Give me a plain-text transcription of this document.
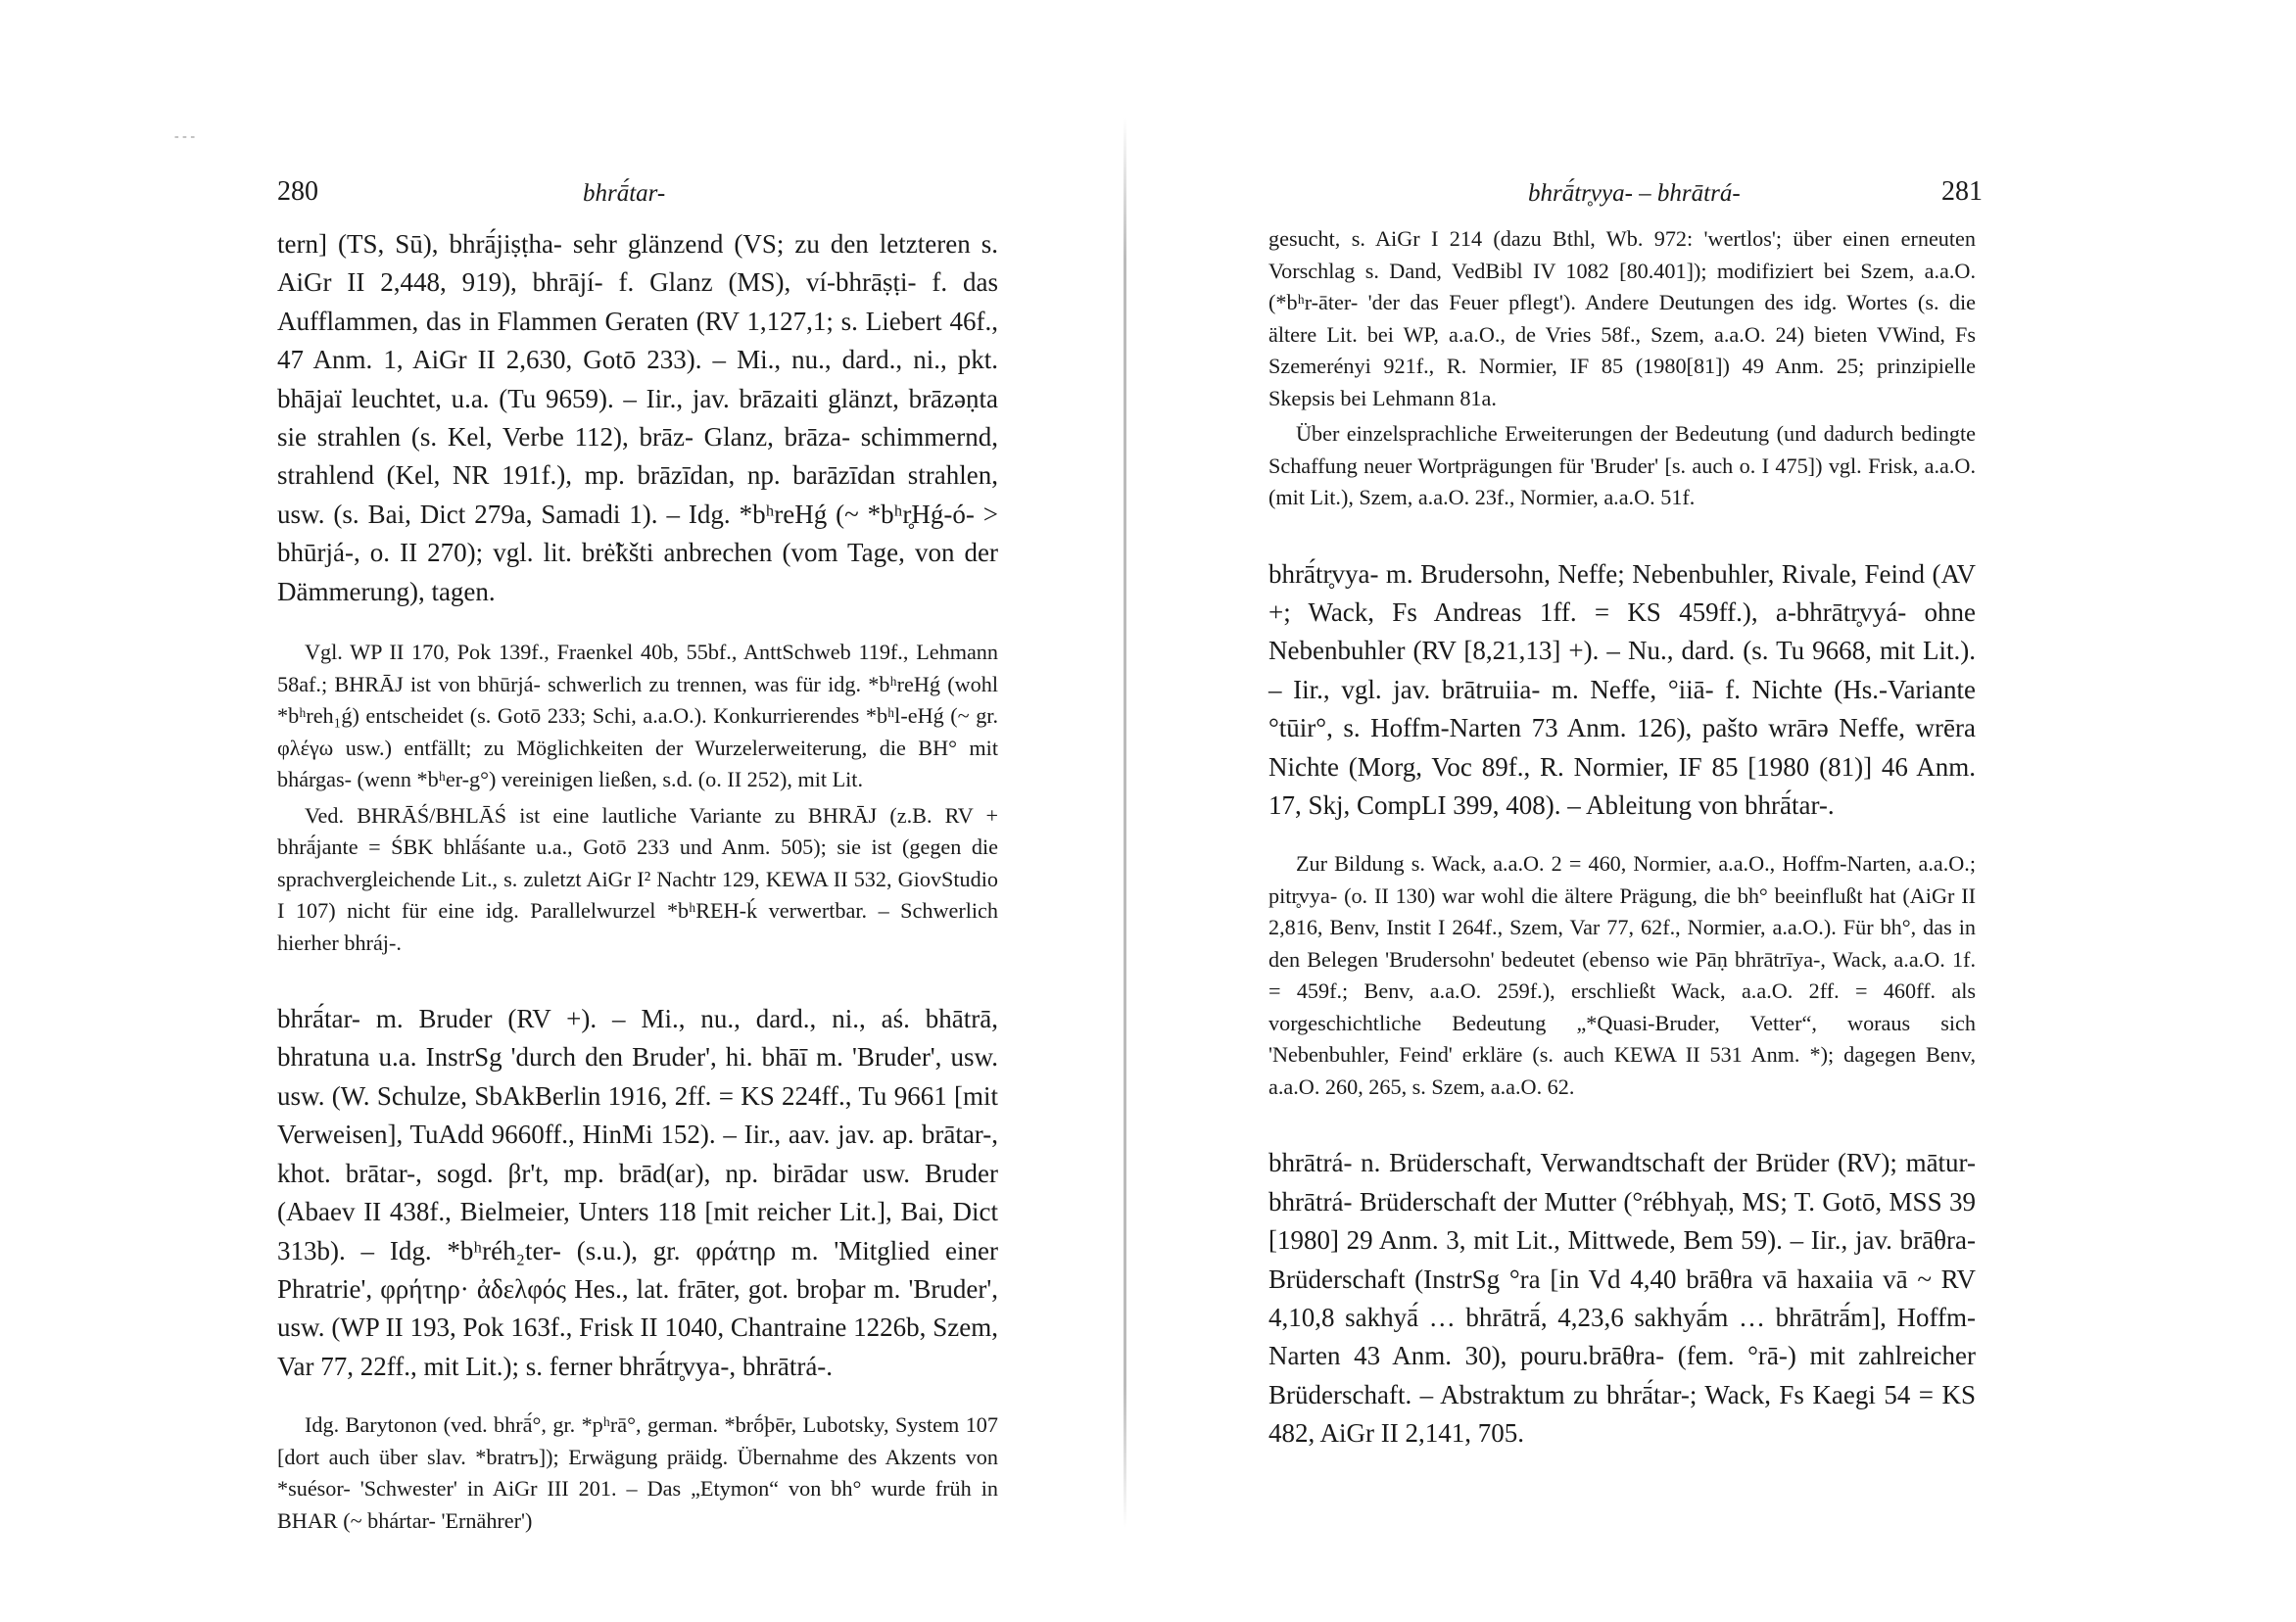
- - -
280	bhrā́tar-

tern] (TS, Sū), bhrā́jiṣṭha- sehr glänzend (VS; zu den letzteren s. AiGr II 2,448, 919), bhrājí- f. Glanz (MS), ví-bhrāṣṭi- f. das Aufflammen, das in Flammen Geraten (RV 1,127,1; s. Liebert 46f., 47 Anm. 1, AiGr II 2,630, Gotō 233). – Mi., nu., dard., ni., pkt. bhājaï leuchtet, u.a. (Tu 9659). – Iir., jav. brāzaiti glänzt, brāzəṇta sie strahlen (s. Kel, Verbe 112), brāz- Glanz, brāza- schimmernd, strahlend (Kel, NR 191f.), mp. brāzīdan, np. barāzīdan strahlen, usw. (s. Bai, Dict 279a, Samadi 1). – Idg. *bʰreHǵ (~ *bʰr̥Hǵ-ó- > bhūrjá-, o. II 270); vgl. lit. brė̃kšti anbrechen (vom Tage, von der Dämmerung), tagen.

Vgl. WP II 170, Pok 139f., Fraenkel 40b, 55bf., AnttSchweb 119f., Lehmann 58af.; BHRĀJ ist von bhūrjá- schwerlich zu trennen, was für idg. *bʰreHǵ (wohl *bʰreh₁ǵ) entscheidet (s. Gotō 233; Schi, a.a.O.). Konkurrierendes *bʰl-eHǵ (~ gr. φλέγω usw.) entfällt; zu Möglichkeiten der Wurzelerweiterung, die BH° mit bhárgas- (wenn *bʰer-g°) vereinigen ließen, s.d. (o. II 252), mit Lit.

Ved. BHRĀŚ/BHLĀŚ ist eine lautliche Variante zu BHRĀJ (z.B. RV + bhrā́jante = ŚBK bhlā́śante u.a., Gotō 233 und Anm. 505); sie ist (gegen die sprachvergleichende Lit., s. zuletzt AiGr I² Nachtr 129, KEWA II 532, GiovStudio I 107) nicht für eine idg. Parallelwurzel *bʰREH-ḱ verwertbar. – Schwerlich hierher bhráj-.

bhrā́tar- m. Bruder (RV +). – Mi., nu., dard., ni., aś. bhātrā, bhratuna u.a. InstrSg 'durch den Bruder', hi. bhāī m. 'Bruder', usw. usw. (W. Schulze, SbAkBerlin 1916, 2ff. = KS 224ff., Tu 9661 [mit Verweisen], TuAdd 9660ff., HinMi 152). – Iir., aav. jav. ap. brātar-, khot. brātar-, sogd. βr't, mp. brād(ar), np. birādar usw. Bruder (Abaev II 438f., Bielmeier, Unters 118 [mit reicher Lit.], Bai, Dict 313b). – Idg. *bʰréh₂ter- (s.u.), gr. φράτηρ m. 'Mitglied einer Phratrie', φρήτηρ· ἀδελφός Hes., lat. frāter, got. broþar m. 'Bruder', usw. (WP II 193, Pok 163f., Frisk II 1040, Chantraine 1226b, Szem, Var 77, 22ff., mit Lit.); s. ferner bhrā́tr̥vya-, bhrātrá-.

Idg. Barytonon (ved. bhrā́°, gr. *pʰrā°, german. *brṓþēr, Lubotsky, System 107 [dort auch über slav. *bratrъ]); Erwägung präidg. Übernahme des Akzents von *suésor- 'Schwester' in AiGr III 201. – Das „Etymon“ von bh° wurde früh in BHAR (~ bhártar- 'Ernährer')

bhrā́tr̥vya- – bhrātrá-	281

gesucht, s. AiGr I 214 (dazu Bthl, Wb. 972: 'wertlos'; über einen erneuten Vorschlag s. Dand, VedBibl IV 1082 [80.401]); modifiziert bei Szem, a.a.O. (*bʰr-āter- 'der das Feuer pflegt'). Andere Deutungen des idg. Wortes (s. die ältere Lit. bei WP, a.a.O., de Vries 58f., Szem, a.a.O. 24) bieten VWind, Fs Szemerényi 921f., R. Normier, IF 85 (1980[81]) 49 Anm. 25; prinzipielle Skepsis bei Lehmann 81a.

Über einzelsprachliche Erweiterungen der Bedeutung (und dadurch bedingte Schaffung neuer Wortprägungen für 'Bruder' [s. auch o. I 475]) vgl. Frisk, a.a.O. (mit Lit.), Szem, a.a.O. 23f., Normier, a.a.O. 51f.

bhrā́tr̥vya- m. Brudersohn, Neffe; Nebenbuhler, Rivale, Feind (AV +; Wack, Fs Andreas 1ff. = KS 459ff.), a-bhrātr̥vyá- ohne Nebenbuhler (RV [8,21,13] +). – Nu., dard. (s. Tu 9668, mit Lit.). – Iir., vgl. jav. brātruiia- m. Neffe, °iiā- f. Nichte (Hs.-Variante °tūir°, s. Hoffm-Narten 73 Anm. 126), pašto wrārə Neffe, wrēra Nichte (Morg, Voc 89f., R. Normier, IF 85 [1980 (81)] 46 Anm. 17, Skj, CompLI 399, 408). – Ableitung von bhrā́tar-.

Zur Bildung s. Wack, a.a.O. 2 = 460, Normier, a.a.O., Hoffm-Narten, a.a.O.; pitr̥vya- (o. II 130) war wohl die ältere Prägung, die bh° beeinflußt hat (AiGr II 2,816, Benv, Instit I 264f., Szem, Var 77, 62f., Normier, a.a.O.). Für bh°, das in den Belegen 'Brudersohn' bedeutet (ebenso wie Pāṇ bhrātrīya-, Wack, a.a.O. 1f. = 459f.; Benv, a.a.O. 259f.), erschließt Wack, a.a.O. 2ff. = 460ff. als vorgeschichtliche Bedeutung „*Quasi-Bruder, Vetter“, woraus sich 'Nebenbuhler, Feind' erkläre (s. auch KEWA II 531 Anm. *); dagegen Benv, a.a.O. 260, 265, s. Szem, a.a.O. 62.

bhrātrá- n. Brüderschaft, Verwandtschaft der Brüder (RV); mātur-bhrātrá- Brüderschaft der Mutter (°rébhyaḥ, MS; T. Gotō, MSS 39 [1980] 29 Anm. 3, mit Lit., Mittwede, Bem 59). – Iir., jav. brāθra- Brüderschaft (InstrSg °ra [in Vd 4,40 brāθra vā haxaiia vā ~ RV 4,10,8 sakhyā́ … bhrātrā́, 4,23,6 sakhyā́m … bhrātrā́m], Hoffm-Narten 43 Anm. 30), pouru.brāθra- (fem. °rā-) mit zahlreicher Brüderschaft. – Abstraktum zu bhrā́tar-; Wack, Fs Kaegi 54 = KS 482, AiGr II 2,141, 705.
